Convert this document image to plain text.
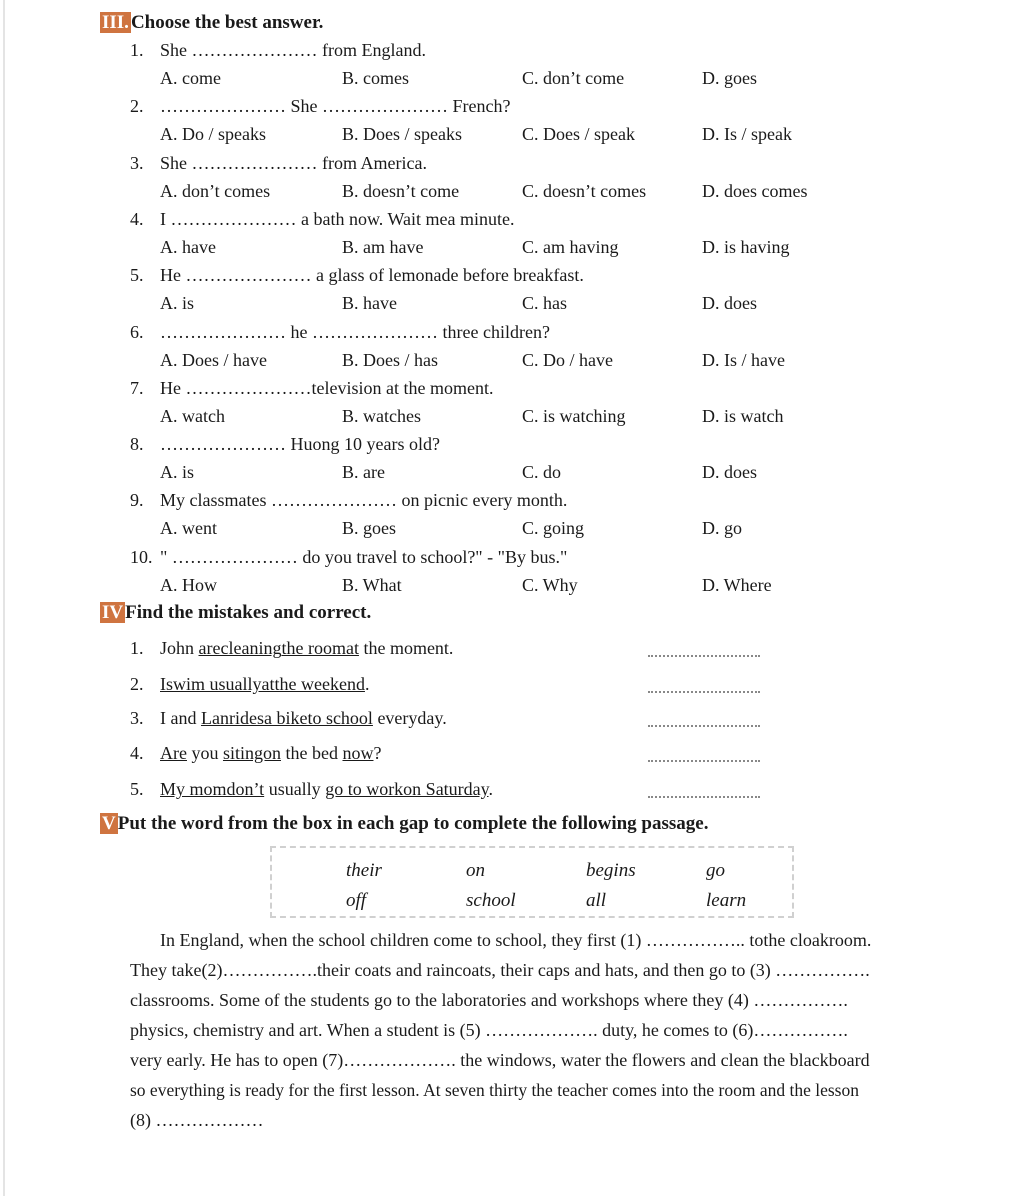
III. Choose the best answer.
1. She ………………… from England.
A. come	B. comes	C. don’t come	D. goes
2. ………………… She ………………… French?
A. Do / speaks	B. Does / speaks	C. Does / speak	D. Is / speak
3. She ………………… from America.
A. don’t comes	B. doesn’t come	C. doesn’t comes	D. does comes
4. I ………………… a bath now. Wait mea minute.
A. have	B. am have	C. am having	D. is having
5. He ………………… a glass of lemonade before breakfast.
A. is	B. have	C. has	D. does
6. ………………… he ………………… three children?
A. Does / have	B. Does / has	C. Do / have	D. Is / have
7. He …………………television at the moment.
A. watch	B. watches	C. is watching	D. is watch
8. ………………… Huong 10 years old?
A. is	B. are	C. do	D. does
9. My classmates ………………… on picnic every month.
A. went	B. goes	C. going	D. go
10. " ………………… do you travel to school?" - "By bus."
A. How	B. What	C. Why	D. Where
IV Find the mistakes and correct.
1. John arecleaningthe roomat the moment.
2. Iswim usuallyatthe weekend.
3. I and Lanridesa biketo school everyday.
4. Are you sitingon the bed now?
5. My momdon’t usually go to workon Saturday.
V Put the word from the box in each gap to complete the following passage.
their	on	begins	go
off	school	all	learn
In England, when the school children come to school, they first (1) …………….. tothe cloakroom.
They take(2)…………….their coats and raincoats, their caps and hats, and then go to (3) …………….
classrooms. Some of the students go to the laboratories and workshops where they (4) …………….
physics, chemistry and art. When a student is (5) ………………. duty, he comes to (6)…………….
very early. He has to open (7)………………. the windows, water the flowers and clean the blackboard
so everything is ready for the first lesson. At seven thirty the teacher comes into the room and the lesson
(8) ………………
